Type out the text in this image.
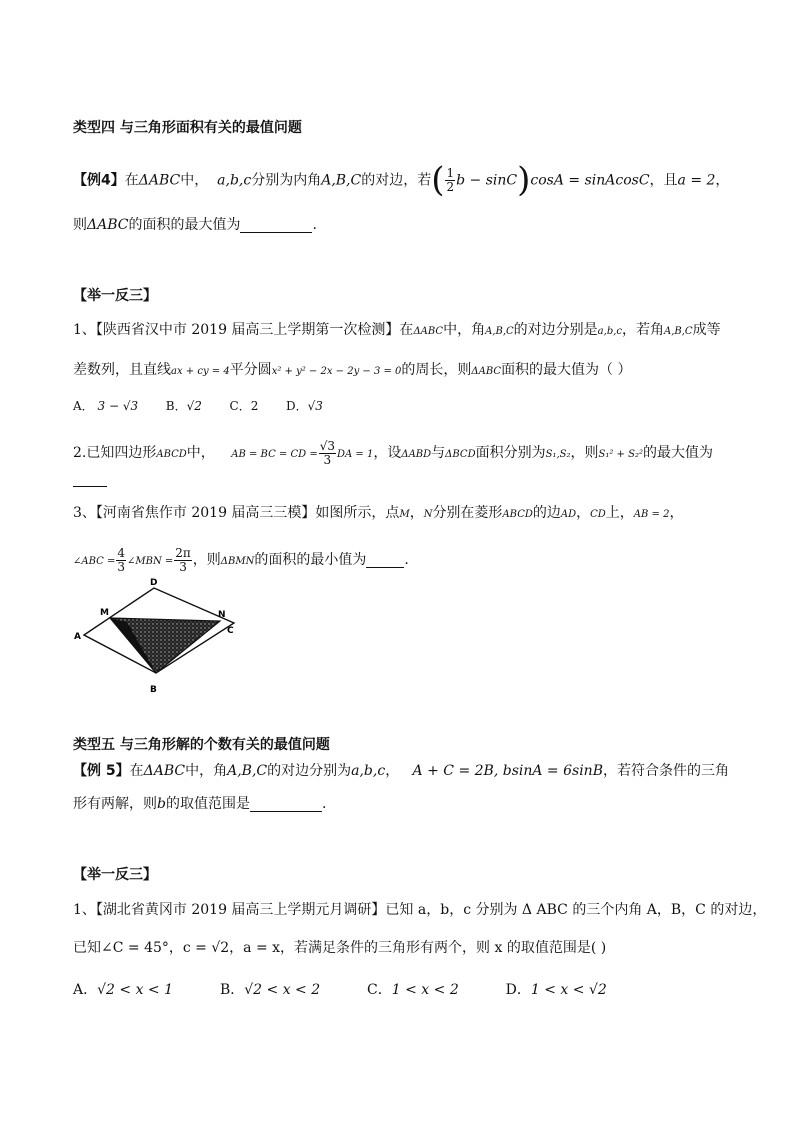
类型四 与三角形面积有关的最值问题
【例4】在ΔABC中， a,b,c分别为内角A,B,C的对边，若( $\frac{1}{2}$ b − sinC)cosA = sinAcosC，且a = 2，
则ΔABC的面积的最大值为	.
【举一反三】
1、【陕西省汉中市 2019 届高三上学期第一次检测】在ΔABC中，角A,B,C的对边分别是a,b,c，若角A,B,C成等
差数列，且直线ax + cy = 4平分圆x² + y² − 2x − 2y − 3 = 0的周长，则ΔABC面积的最大值为（ ）
A． 3 − √3 B．√2 C．2 D．√3
2.已知四边形ABCD中， AB = BC = CD = $\frac{√3}{3}$ DA = 1，设ΔABD与ΔBCD面积分别为S₁,S₂，则S₁² + S₂²的最大值为

3、【河南省焦作市 2019 届高三三模】如图所示，点M，N分别在菱形ABCD的边AD，CD上，AB = 2，
∠ABC = $\frac{4}{3}$ ∠MBN = $\frac{2\pi}{3}$ ，则ΔBMN的面积的最小值为	.
A
B
C
D
M	N
类型五 与三角形解的个数有关的最值问题
【例 5】在ΔABC中，角A,B,C的对边分别为a,b,c， A + C = 2B, bsinA = 6sinB，若符合条件的三角
形有两解，则b的取值范围是	.
【举一反三】
1、【湖北省黄冈市 2019 届高三上学期元月调研】已知 a，b，c 分别为 Δ ABC 的三个内角 A，B，C 的对边，
已知∠C = 45°，c = √2，a = x，若满足条件的三角形有两个，则 x 的取值范围是( )
A．√2 < x < 1	B．√2 < x < 2	C．1 < x < 2	D．1 < x < √2
